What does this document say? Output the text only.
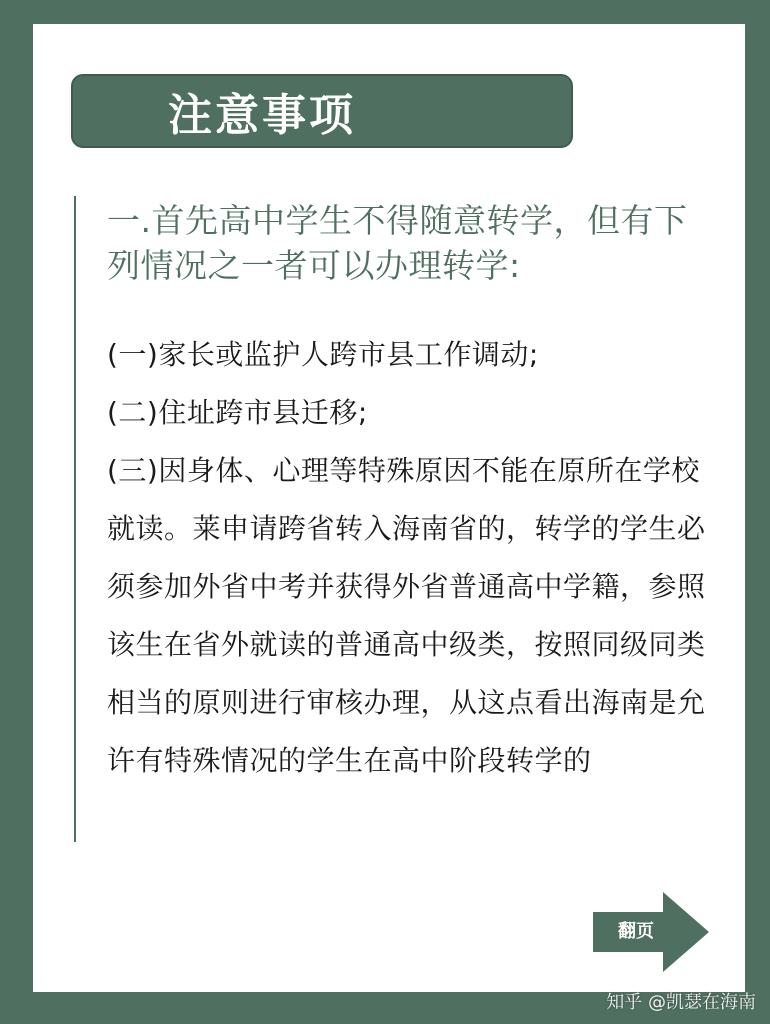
注意事项
一.首先高中学生不得随意转学，但有下列情况之一者可以办理转学:
(一)家长或监护人跨市县工作调动;
(二)住址跨市县迁移;
(三)因身体、心理等特殊原因不能在原所在学校就读。莱申请跨省转入海南省的，转学的学生必须参加外省中考并获得外省普通高中学籍，参照该生在省外就读的普通高中级类，按照同级同类相当的原则进行审核办理，从这点看出海南是允许有特殊情况的学生在高中阶段转学的
翻页
知乎 @凯瑟在海南
